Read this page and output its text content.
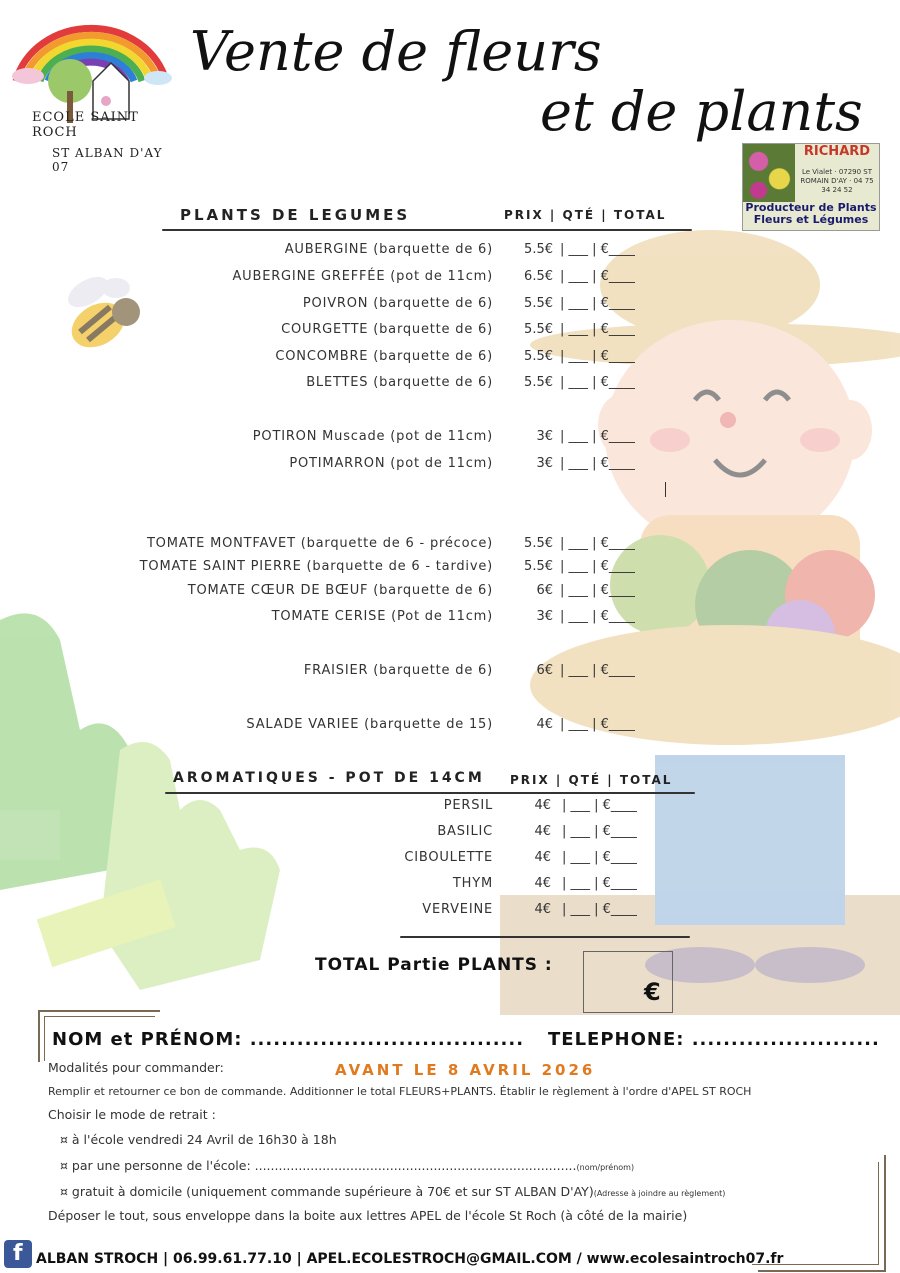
ECOLE SAINT ROCH
ST ALBAN D'AY 07
Vente de fleurs
et de plants
RICHARD
Le Vialet · 07290 ST ROMAIN D'AY · 04 75 34 24 52
Producteur de Plants
Fleurs et Légumes
PLANTS DE LEGUMES	PRIX | QTÉ | TOTAL
AUBERGINE (barquette de 6) 5.5€ | ___ | €____
AUBERGINE GREFFÉE (pot de 11cm) 6.5€ | ___ | €____
POIVRON (barquette de 6) 5.5€ | ___ | €____
COURGETTE (barquette de 6) 5.5€ | ___ | €____
CONCOMBRE (barquette de 6) 5.5€ | ___ | €____
BLETTES (barquette de 6) 5.5€ | ___ | €____
POTIRON Muscade (pot de 11cm)	3€ | ___ | €____
POTIMARRON (pot de 11cm)	3€ | ___ | €____
TOMATE MONTFAVET (barquette de 6 - précoce) 5.5€ | ___ | €____
TOMATE SAINT PIERRE (barquette de 6 - tardive) 5.5€ | ___ | €____
TOMATE CŒUR DE BŒUF (barquette de 6)	6€ | ___ | €____
TOMATE CERISE (Pot de 11cm)	3€ | ___ | €____
FRAISIER (barquette de 6)	6€ | ___ | €____
SALADE VARIEE (barquette de 15)	4€ | ___ | €____
AROMATIQUES - POT DE 14CM PRIX | QTÉ | TOTAL
PERSIL	4€ | ___ | €____
BASILIC	4€ | ___ | €____
CIBOULETTE	4€ | ___ | €____
THYM	4€ | ___ | €____
VERVEINE	4€ | ___ | €____
TOTAL Partie PLANTS :
€
NOM et PRÉNOM: ................................... TELEPHONE: ........................
Modalités pour commander:	AVANT LE 8 AVRIL 2026
Remplir et retourner ce bon de commande. Additionner le total FLEURS+PLANTS. Établir le règlement à l'ordre d'APEL ST ROCH
Choisir le mode de retrait :
¤ à l'école vendredi 24 Avril de 16h30 à 18h
¤ par une personne de l'école: .................................................................................(nom/prénom)
¤ gratuit à domicile (uniquement commande supérieure à 70€ et sur ST ALBAN D'AY)(Adresse à joindre au règlement)
Déposer le tout, sous enveloppe dans la boite aux lettres APEL de l'école St Roch (à côté de la mairie)
f ALBAN STROCH | 06.99.61.77.10 | APEL.ECOLESTROCH@GMAIL.COM / www.ecolesaintroch07.fr
